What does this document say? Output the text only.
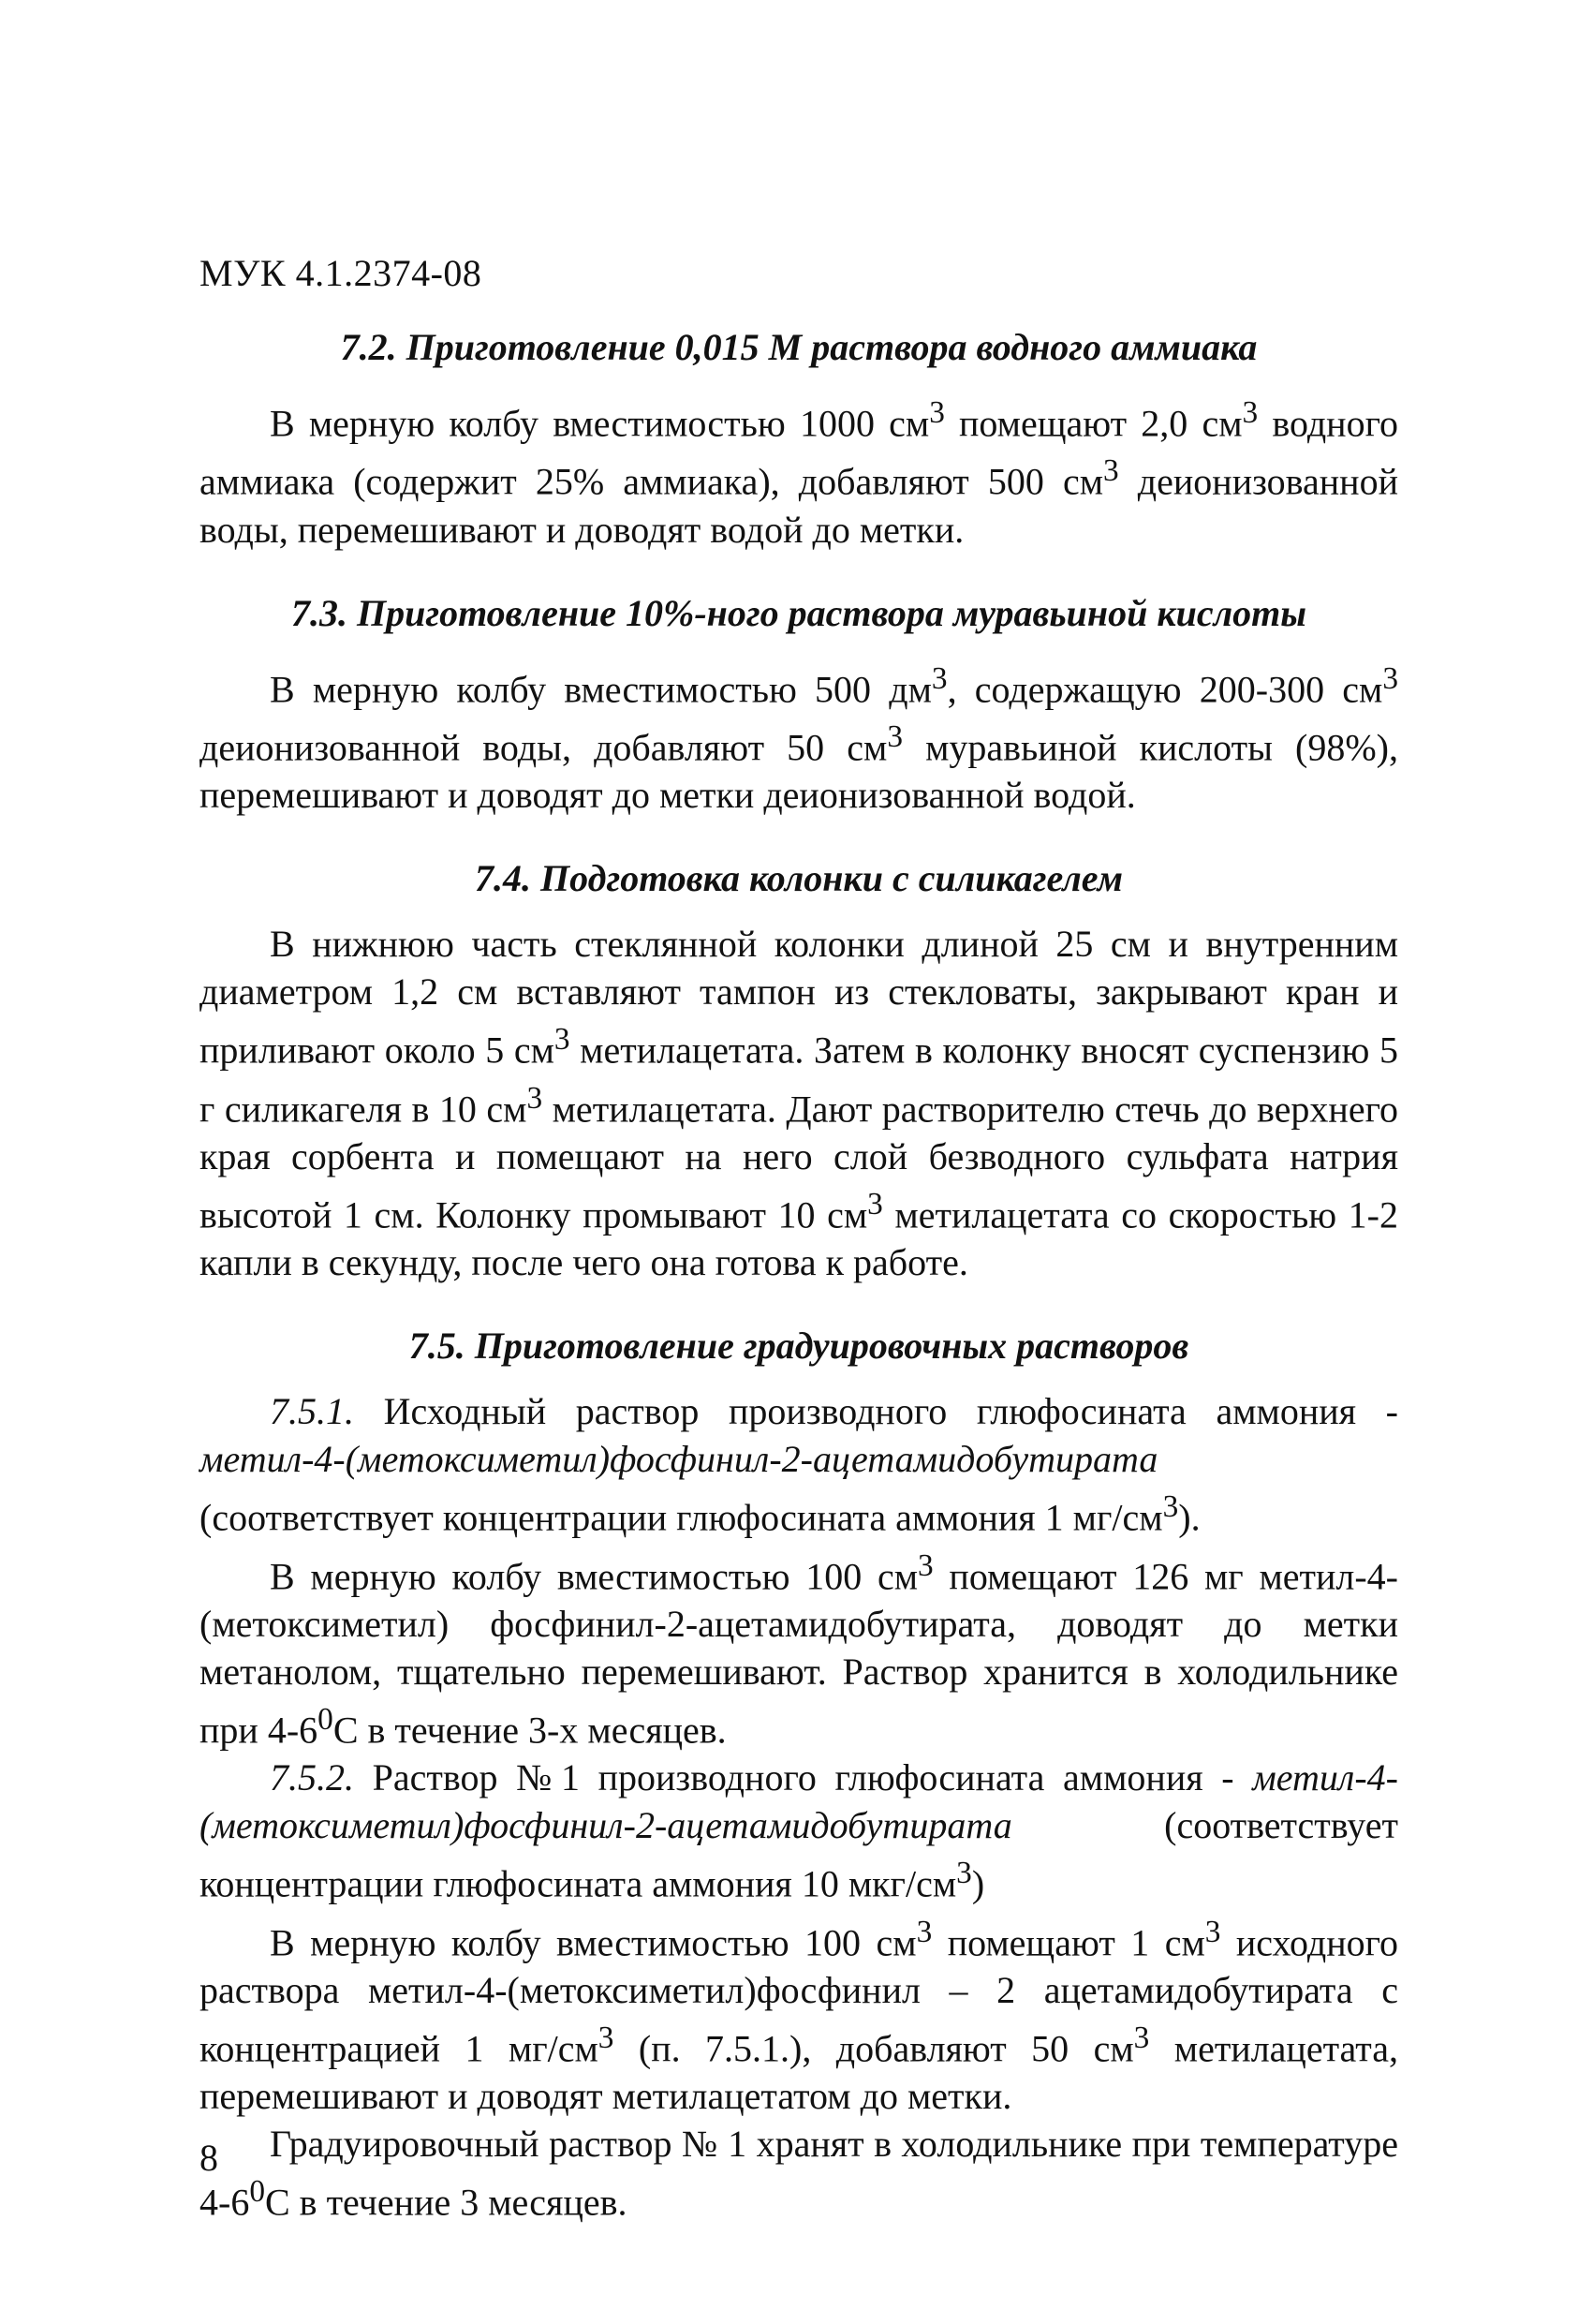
МУК 4.1.2374-08
7.2. Приготовление 0,015 М раствора водного аммиака

В мерную колбу вместимостью 1000 $см^3$ помещают 2,0 $см^3$ водного аммиака (содержит 25% аммиака), добавляют 500 $см^3$ деионизованной воды, перемешивают и доводят водой до метки.

7.3. Приготовление 10%-ного раствора муравьиной кислоты

В мерную колбу вместимостью 500 $дм^3$, содержащую 200-300 $см^3$ деионизованной воды, добавляют 50 $см^3$ муравьиной кислоты (98%), перемешивают и доводят до метки деионизованной водой.

7.4. Подготовка колонки с силикагелем

В нижнюю часть стеклянной колонки длиной 25 см и внутренним диаметром 1,2 см вставляют тампон из стекловаты, закрывают кран и приливают около 5 $см^3$ метилацетата. Затем в колонку вносят суспензию 5 г силикагеля в 10 $см^3$ метилацетата. Дают растворителю стечь до верхнего края сорбента и помещают на него слой безводного сульфата натрия высотой 1 см. Колонку промывают 10 $см^3$ метилацетата со скоростью 1-2 капли в секунду, после чего она готова к работе.

7.5. Приготовление градуировочных растворов

7.5.1. Исходный раствор производного глюфосината аммония - метил-4-(метоксиметил)фосфинил-2-ацетамидобутирата (соответствует концентрации глюфосината аммония 1 $мг/см^3$).

В мерную колбу вместимостью 100 $см^3$ помещают 126 мг метил-4-(метоксиметил) фосфинил-2-ацетамидобутирата, доводят до метки метанолом, тщательно перемешивают. Раствор хранится в холодильнике при $4-6^0С$ в течение 3-х месяцев.

7.5.2. Раствор №1 производного глюфосината аммония - метил-4-(метоксиметил)фосфинил-2-ацетамидобутирата (соответствует концентрации глюфосината аммония 10 мкг/$см^3$)

В мерную колбу вместимостью 100 $см^3$ помещают 1 $см^3$ исходного раствора метил-4-(метоксиметил)фосфинил – 2 ацетамидобутирата с концентрацией 1 $мг/см^3$ (п. 7.5.1.), добавляют 50 $см^3$ метилацетата, перемешивают и доводят метилацетатом до метки.

Градуировочный раствор № 1 хранят в холодильнике при температуре $4-6^0С$ в течение 3 месяцев.

8
